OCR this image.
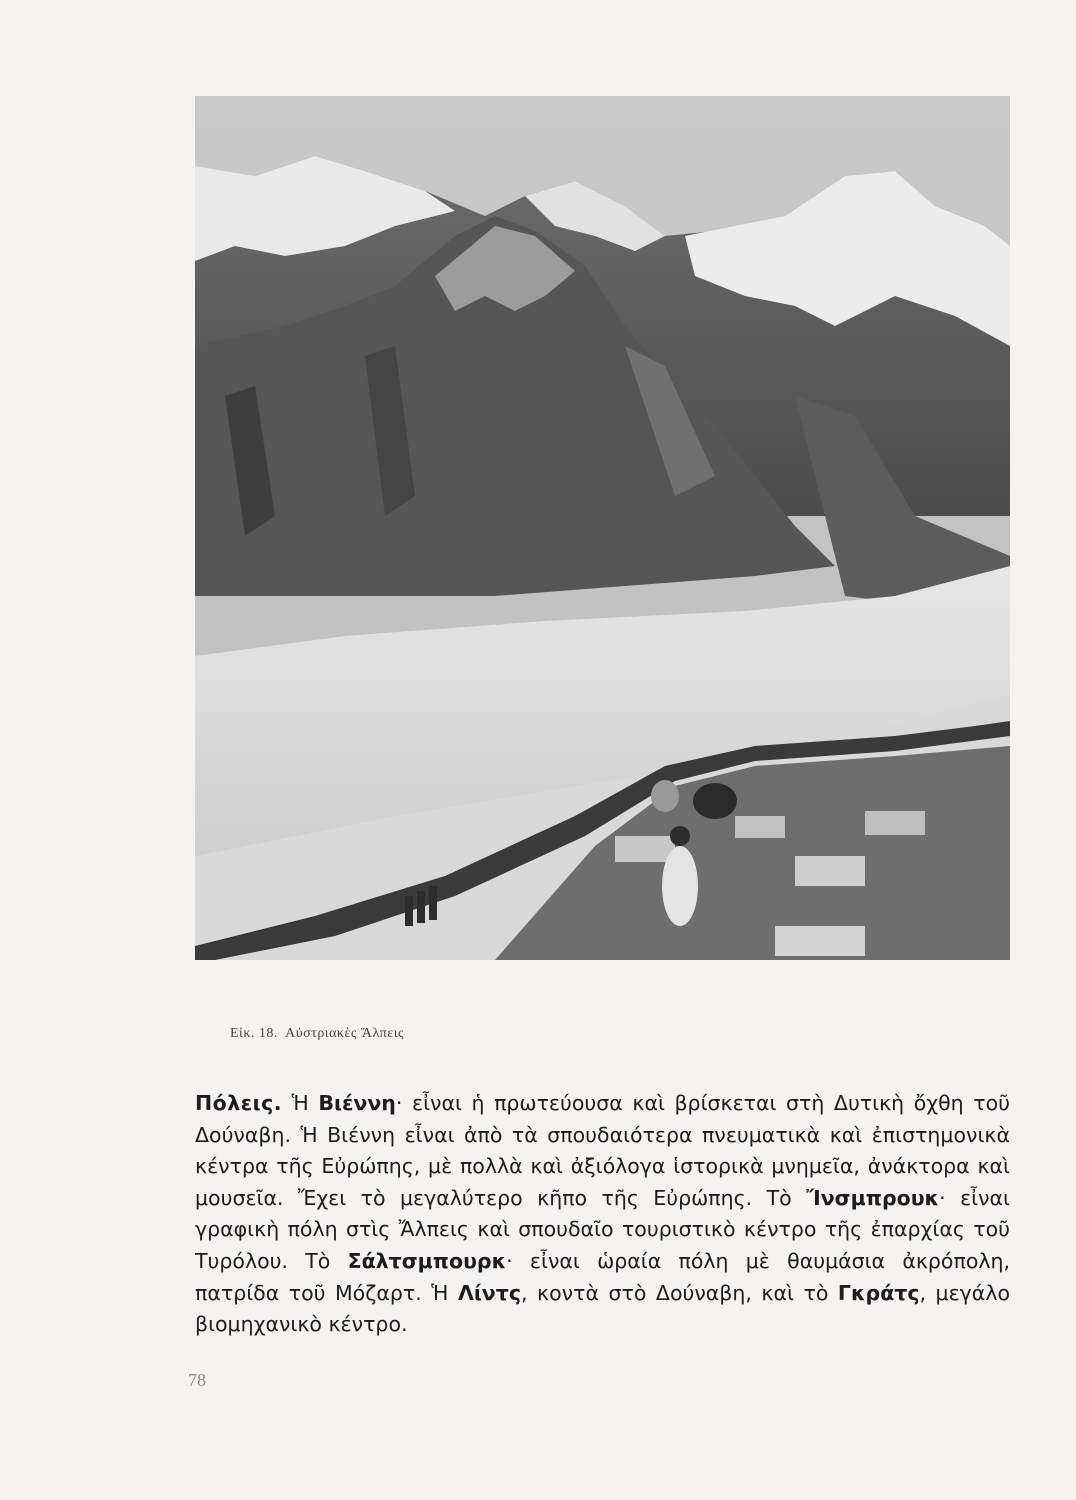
Εἰκ. 18. Αὐστριακὲς Ἄλπεις
Πόλεις. Ἡ Βιέννη· εἶναι ἡ πρωτεύουσα καὶ βρίσκεται στὴ Δυτικὴ ὄχθη τοῦ Δούναβη. Ἡ Βιέννη εἶναι ἀπὸ τὰ σπουδαιότερα πνευματικὰ καὶ ἐπιστημονικὰ κέντρα τῆς Εὐρώπης, μὲ πολλὰ καὶ ἀξιόλογα ἱστορικὰ μνημεῖα, ἀνάκτορα καὶ μουσεῖα. Ἔχει τὸ μεγαλύτερο κῆπο τῆς Εὐρώπης. Τὸ Ἴνσμπρουκ· εἶναι γραφικὴ πόλη στὶς Ἄλπεις καὶ σπουδαῖο τουριστικὸ κέντρο τῆς ἐπαρχίας τοῦ Τυρόλου. Τὸ Σάλτσμπουρκ· εἶναι ὡραία πόλη μὲ θαυμάσια ἀκρόπολη, πατρίδα τοῦ Μόζαρτ. Ἡ Λίντς, κοντὰ στὸ Δούναβη, καὶ τὸ Γκράτς, μεγάλο βιομηχανικὸ κέντρο.
78
